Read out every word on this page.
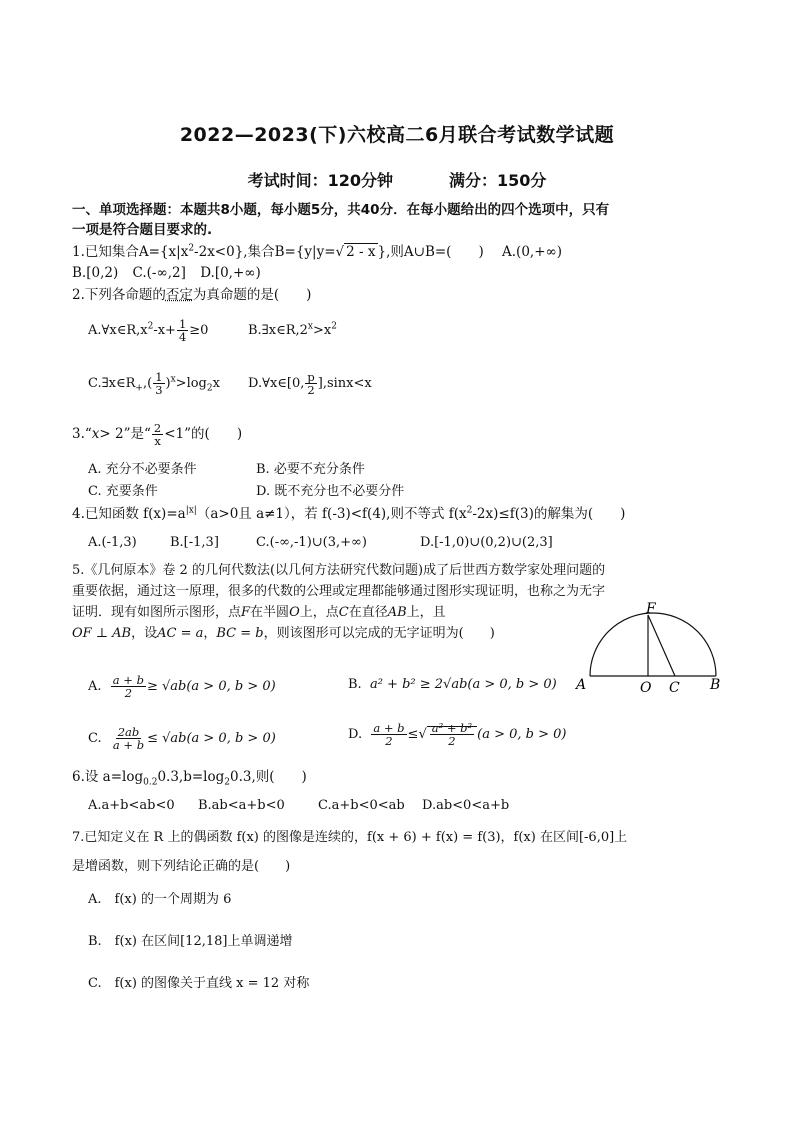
2022—2023(下)六校高二6月联合考试数学试题
考试时间：120分钟	满分：150分
一、单项选择题：本题共8小题，每小题5分，共40分．在每小题给出的四个选项中，只有
一项是符合题目要求的.
1.已知集合$A=\{x|x^2-2x<0\}$,集合B={y|y=√ 2 - x },则A∪B=(　　) A.(0,+∞)
B.[0,2) C.(-∞,2] D.[0,+∞)
2.下列各命题的否定为真命题的是(　　)
$A.\forall x\in R,x^2-x+ \frac{1}{4} \ge 0$	$B.\exists x\in R,2^x>x^2$
$C.\exists x\in R_+,( \frac{1}{3} )^x>\log_2x$ D.∀x∈[0, $\frac{p}{2} ],\sin x<x$
3.“x> 2”是“ $\frac{2}{x} <1$”的(　　)
A. 充分不必要条件	B. 必要不充分条件
C. 充要条件	D. 既不充分也不必要分件
4.已知函数 $f(x)=a^{|x|}(a>0$且 a≠1），若 f(-3)<f(4),则不等式 $f(x^2-2x)\le f(3)$的解集为(　　)
A.(-1,3)	B.[-1,3]	C.(-∞,-1)∪(3,+∞)	D.[-1,0)∪(0,2)∪(2,3]
5.《几何原本》卷 2 的几何代数法(以几何方法研究代数问题)成了后世西方数学家处理问题的
重要依据，通过这一原理，很多的代数的公理或定理都能够通过图形实现证明，也称之为无字
证明．现有如图所示图形，点F在半圆O上，点C在直径AB上，且
OF ⊥ AB，设AC = a，BC = b，则该图形可以完成的无字证明为(　　)
F
A	O C B
A. $\frac{a + b}{2} \ge √ab(a > 0$, b > 0)	B. a² + b² ≥ 2√ab(a > 0, b > 0)
C. $\frac{2ab}{a + b} \le √ab(a > 0$, b > 0)	D. $\frac{a + b}{2}$ ≤√ $\frac{\text{a² + b²}}{2} (a > 0$, b > 0)
6.设 $a=\log_{0.2}0.3,b=\log_20.3$,则(　　)
A.a+b<ab<0 B.ab<a+b<0	C.a+b<0<ab D.ab<0<a+b
7.已知定义在 R 上的偶函数 f(x) 的图像是连续的，f(x + 6) + f(x) = f(3)，f(x) 在区间[-6,0]上
是增函数，则下列结论正确的是(　　)
A.　f(x) 的一个周期为 6
B.　f(x) 在区间[12,18]上单调递增
C.　f(x) 的图像关于直线 x = 12 对称
